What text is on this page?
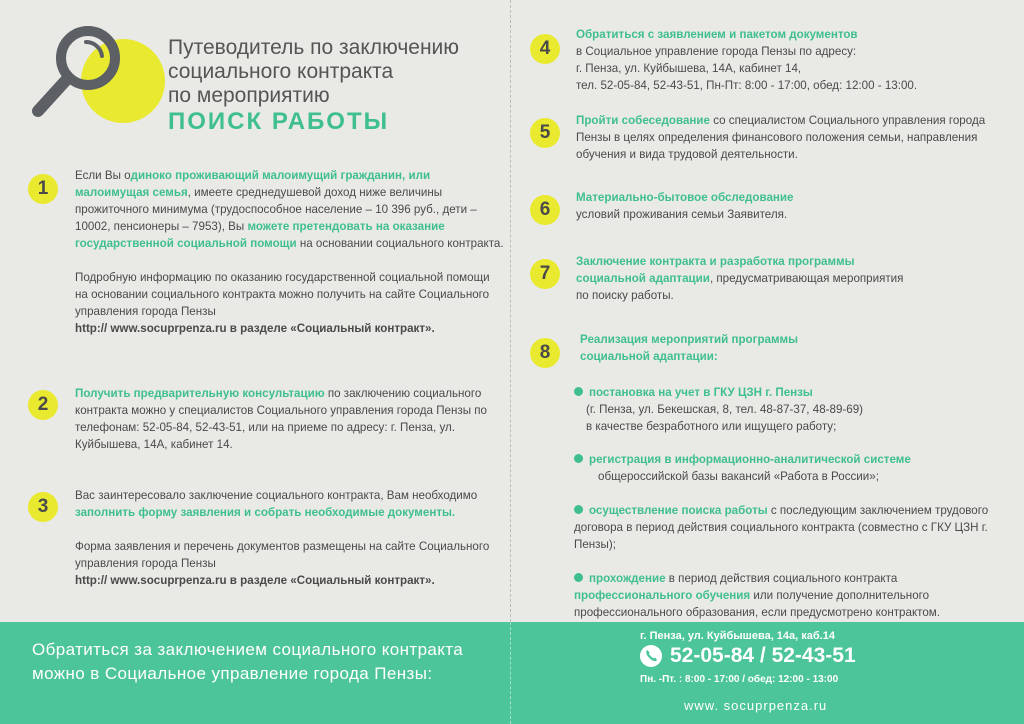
Путеводитель по заключению
социального контракта
по мероприятию
ПОИСК РАБОТЫ
1

Если Вы одиноко проживающий малоимущий гражданин, или малоимущая семья, имеете среднедушевой доход ниже величины прожиточного минимума (трудоспособное население – 10 396 руб., дети – 10002, пенсионеры – 7953), Вы можете претендовать на оказание государственной социальной помощи на основании социального контракта.

Подробную информацию по оказанию государственной социальной помощи на основании социального контракта можно получить на сайте Социального управления города Пензы

http:// www.socuprpenza.ru в разделе «Социальный контракт».

2

Получить предварительную консультацию по заключению социального контракта можно у специалистов Социального управления города Пензы по телефонам: 52-05-84, 52-43-51, или на приеме по адресу: г. Пенза, ул. Куйбышева, 14А, кабинет 14.

3

Вас заинтересовало заключение социального контракта, Вам необходимо заполнить форму заявления и собрать необходимые документы.

Форма заявления и перечень документов размещены на сайте Социального управления города Пензы

http:// www.socuprpenza.ru в разделе «Социальный контракт».

4

Обратиться с заявлением и пакетом документов

в Социальное управление города Пензы по адресу:

г. Пенза, ул. Куйбышева, 14А, кабинет 14,

тел. 52-05-84, 52-43-51, Пн-Пт: 8:00 - 17:00, обед: 12:00 - 13:00.

5

Пройти собеседование со специалистом Социального управления города Пензы в целях определения финансового положения семьи, направления обучения и вида трудовой деятельности.

6

Материально-бытовое обследование

условий проживания семьи Заявителя.

7

Заключение контракта и разработка программы социальной адаптации, предусматривающая мероприятия по поиску работы.

8

Реализация мероприятий программы социальной адаптации:

постановка на учет в ГКУ ЦЗН г. Пензы

(г. Пенза, ул. Бекешская, 8, тел. 48-87-37, 48-89-69)

в качестве безработного или ищущего работу;

регистрация в информационно-аналитической системе

общероссийской базы вакансий «Работа в России»;

осуществление поиска работы с последующим заключением трудового договора в период действия социального контракта (совместно с ГКУ ЦЗН г. Пензы);

прохождение в период действия социального контракта профессионального обучения или получение дополнительного профессионального образования, если предусмотрено контрактом.

Обратиться за заключением социального контракта
можно в Социальное управление города Пензы:
г. Пенза, ул. Куйбышева, 14а, каб.14
52-05-84 / 52-43-51
Пн. -Пт. : 8:00 - 17:00 / обед: 12:00 - 13:00
www. socuprpenza.ru
